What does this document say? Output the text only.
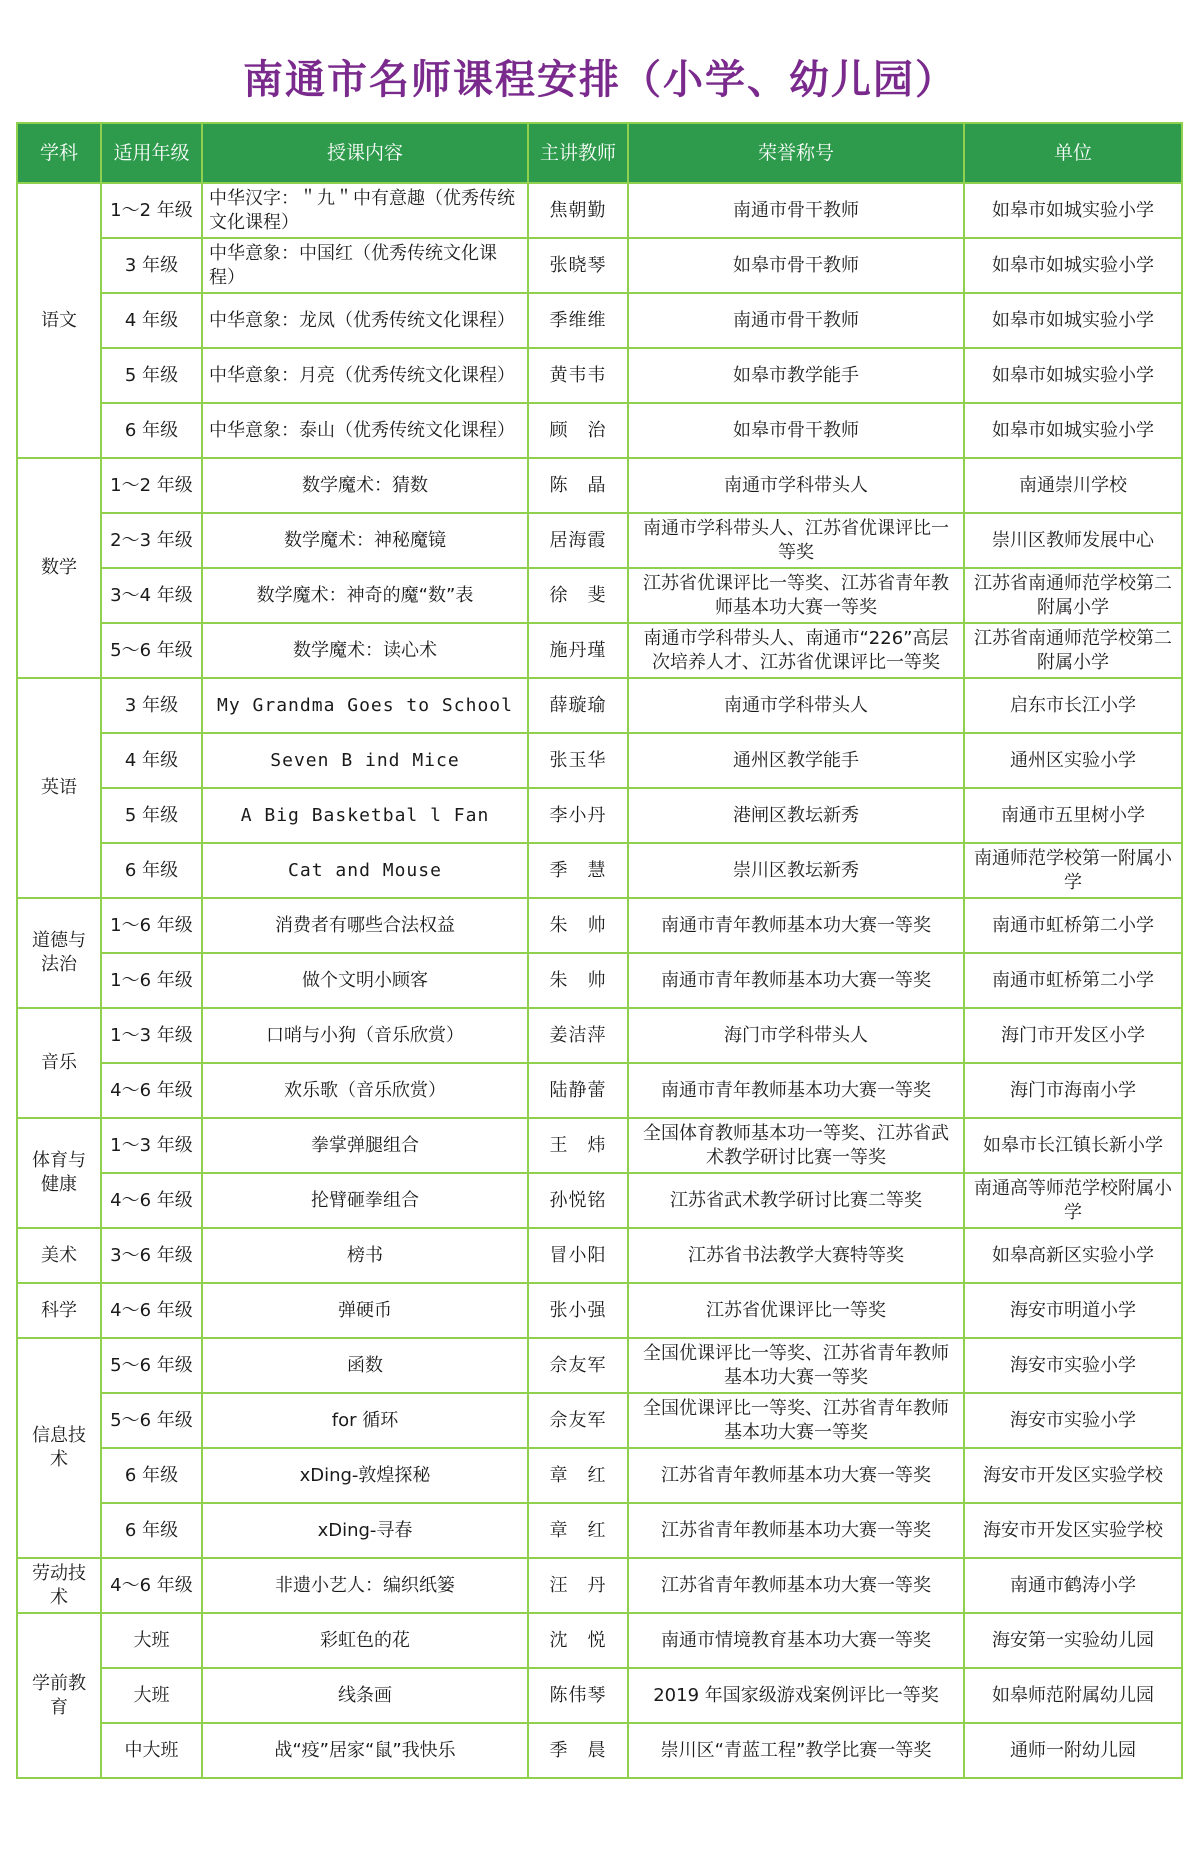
南通市名师课程安排（小学、幼儿园）
学科	适用年级	授课内容	主讲教师	荣誉称号	单位
语文	1～2 年级	中华汉字：＂九＂中有意趣（优秀传统文化课程）	焦朝勤	南通市骨干教师	如皋市如城实验小学
	3 年级	中华意象：中国红（优秀传统文化课程）	张晓琴	如皋市骨干教师	如皋市如城实验小学
	4 年级	中华意象：龙凤（优秀传统文化课程）	季维维	南通市骨干教师	如皋市如城实验小学
	5 年级	中华意象：月亮（优秀传统文化课程）	黄韦韦	如皋市教学能手	如皋市如城实验小学
	6 年级	中华意象：泰山（优秀传统文化课程）	顾　治	如皋市骨干教师	如皋市如城实验小学
数学	1～2 年级	数学魔术：猜数	陈　晶	南通市学科带头人	南通崇川学校
	2～3 年级	数学魔术：神秘魔镜	居海霞	南通市学科带头人、江苏省优课评比一等奖	崇川区教师发展中心
	3～4 年级	数学魔术：神奇的魔“数”表	徐　斐	江苏省优课评比一等奖、江苏省青年教师基本功大赛一等奖	江苏省南通师范学校第二附属小学
	5～6 年级	数学魔术：读心术	施丹瑾	南通市学科带头人、南通市“226”高层次培养人才、江苏省优课评比一等奖	江苏省南通师范学校第二附属小学
英语	3 年级	My Grandma Goes to School	薛璇瑜	南通市学科带头人	启东市长江小学
	4 年级	Seven B ind Mice	张玉华	通州区教学能手	通州区实验小学
	5 年级	A Big Basketbal l Fan	李小丹	港闸区教坛新秀	南通市五里树小学
	6 年级	Cat and Mouse	季　慧	崇川区教坛新秀	南通师范学校第一附属小学
道德与法治	1～6 年级	消费者有哪些合法权益	朱　帅	南通市青年教师基本功大赛一等奖	南通市虹桥第二小学
	1～6 年级	做个文明小顾客	朱　帅	南通市青年教师基本功大赛一等奖	南通市虹桥第二小学
音乐	1～3 年级	口哨与小狗（音乐欣赏）	姜洁萍	海门市学科带头人	海门市开发区小学
	4～6 年级	欢乐歌（音乐欣赏）	陆静蕾	南通市青年教师基本功大赛一等奖	海门市海南小学
体育与健康	1～3 年级	拳掌弹腿组合	王　炜	全国体育教师基本功一等奖、江苏省武术教学研讨比赛一等奖	如皋市长江镇长新小学
	4～6 年级	抡臂砸拳组合	孙悦铭	江苏省武术教学研讨比赛二等奖	南通高等师范学校附属小学
美术	3～6 年级	榜书	冒小阳	江苏省书法教学大赛特等奖	如皋高新区实验小学
科学	4～6 年级	弹硬币	张小强	江苏省优课评比一等奖	海安市明道小学
信息技术	5～6 年级	函数	佘友军	全国优课评比一等奖、江苏省青年教师基本功大赛一等奖	海安市实验小学
	5～6 年级	for 循环	佘友军	全国优课评比一等奖、江苏省青年教师基本功大赛一等奖	海安市实验小学
	6 年级	xDing-敦煌探秘	章　红	江苏省青年教师基本功大赛一等奖	海安市开发区实验学校
	6 年级	xDing-寻春	章　红	江苏省青年教师基本功大赛一等奖	海安市开发区实验学校
劳动技术	4～6 年级	非遗小艺人：编织纸篓	汪　丹	江苏省青年教师基本功大赛一等奖	南通市鹤涛小学
学前教育	大班	彩虹色的花	沈　悦	南通市情境教育基本功大赛一等奖	海安第一实验幼儿园
	大班	线条画	陈伟琴	2019 年国家级游戏案例评比一等奖	如皋师范附属幼儿园
	中大班	战“疫”居家“鼠”我快乐	季　晨	崇川区“青蓝工程”教学比赛一等奖	通师一附幼儿园
